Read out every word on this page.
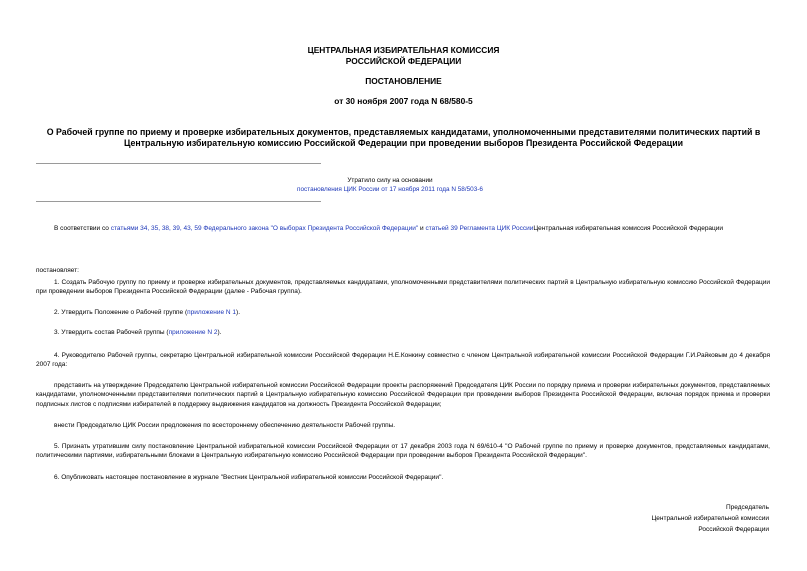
ЦЕНТРАЛЬНАЯ ИЗБИРАТЕЛЬНАЯ КОМИССИЯ
РОССИЙСКОЙ ФЕДЕРАЦИИ
ПОСТАНОВЛЕНИЕ
от 30 ноября 2007 года N 68/580-5
О Рабочей группе по приему и проверке избирательных документов, представляемых кандидатами, уполномоченными представителями политических партий в Центральную избирательную комиссию Российской Федерации при проведении выборов Президента Российской Федерации
Утратило силу на основании
постановления ЦИК России от 17 ноября 2011 года N 58/503-6

В соответствии со статьями 34, 35, 38, 39, 43, 59 Федерального закона "О выборах Президента Российской Федерации" и статьей 39 Регламента ЦИК РоссииЦентральная избирательная комиссия Российской Федерации

постановляет:

1. Создать Рабочую группу по приему и проверке избирательных документов, представляемых кандидатами, уполномоченными представителями политических партий в Центральную избирательную комиссию Российской Федерации при проведении выборов Президента Российской Федерации (далее - Рабочая группа).

2. Утвердить Положение о Рабочей группе (приложение N 1).

3. Утвердить состав Рабочей группы (приложение N 2).

4. Руководителю Рабочей группы, секретарю Центральной избирательной комиссии Российской Федерации Н.Е.Конкину совместно с членом Центральной избирательной комиссии Российской Федерации Г.И.Райковым до 4 декабря 2007 года:

представить на утверждение Председателю Центральной избирательной комиссии Российской Федерации проекты распоряжений Председателя ЦИК России по порядку приема и проверки избирательных документов, представляемых кандидатами, уполномоченными представителями политических партий в Центральную избирательную комиссию Российской Федерации при проведении выборов Президента Российской Федерации, включая порядок приема и проверки подписных листов с подписями избирателей в поддержку выдвижения кандидатов на должность Президента Российской Федерации;

внести Председателю ЦИК России предложения по всестороннему обеспечению деятельности Рабочей группы.

5. Признать утратившим силу постановление Центральной избирательной комиссии Российской Федерации от 17 декабря 2003 года N 69/610-4 "О Рабочей группе по приему и проверке документов, представляемых кандидатами, политическими партиями, избирательными блоками в Центральную избирательную комиссию Российской Федерации при проведении выборов Президента Российской Федерации".

6. Опубликовать настоящее постановление в журнале "Вестник Центральной избирательной комиссии Российской Федерации".

Председатель
Центральной избирательной комиссии
Российской Федерации
